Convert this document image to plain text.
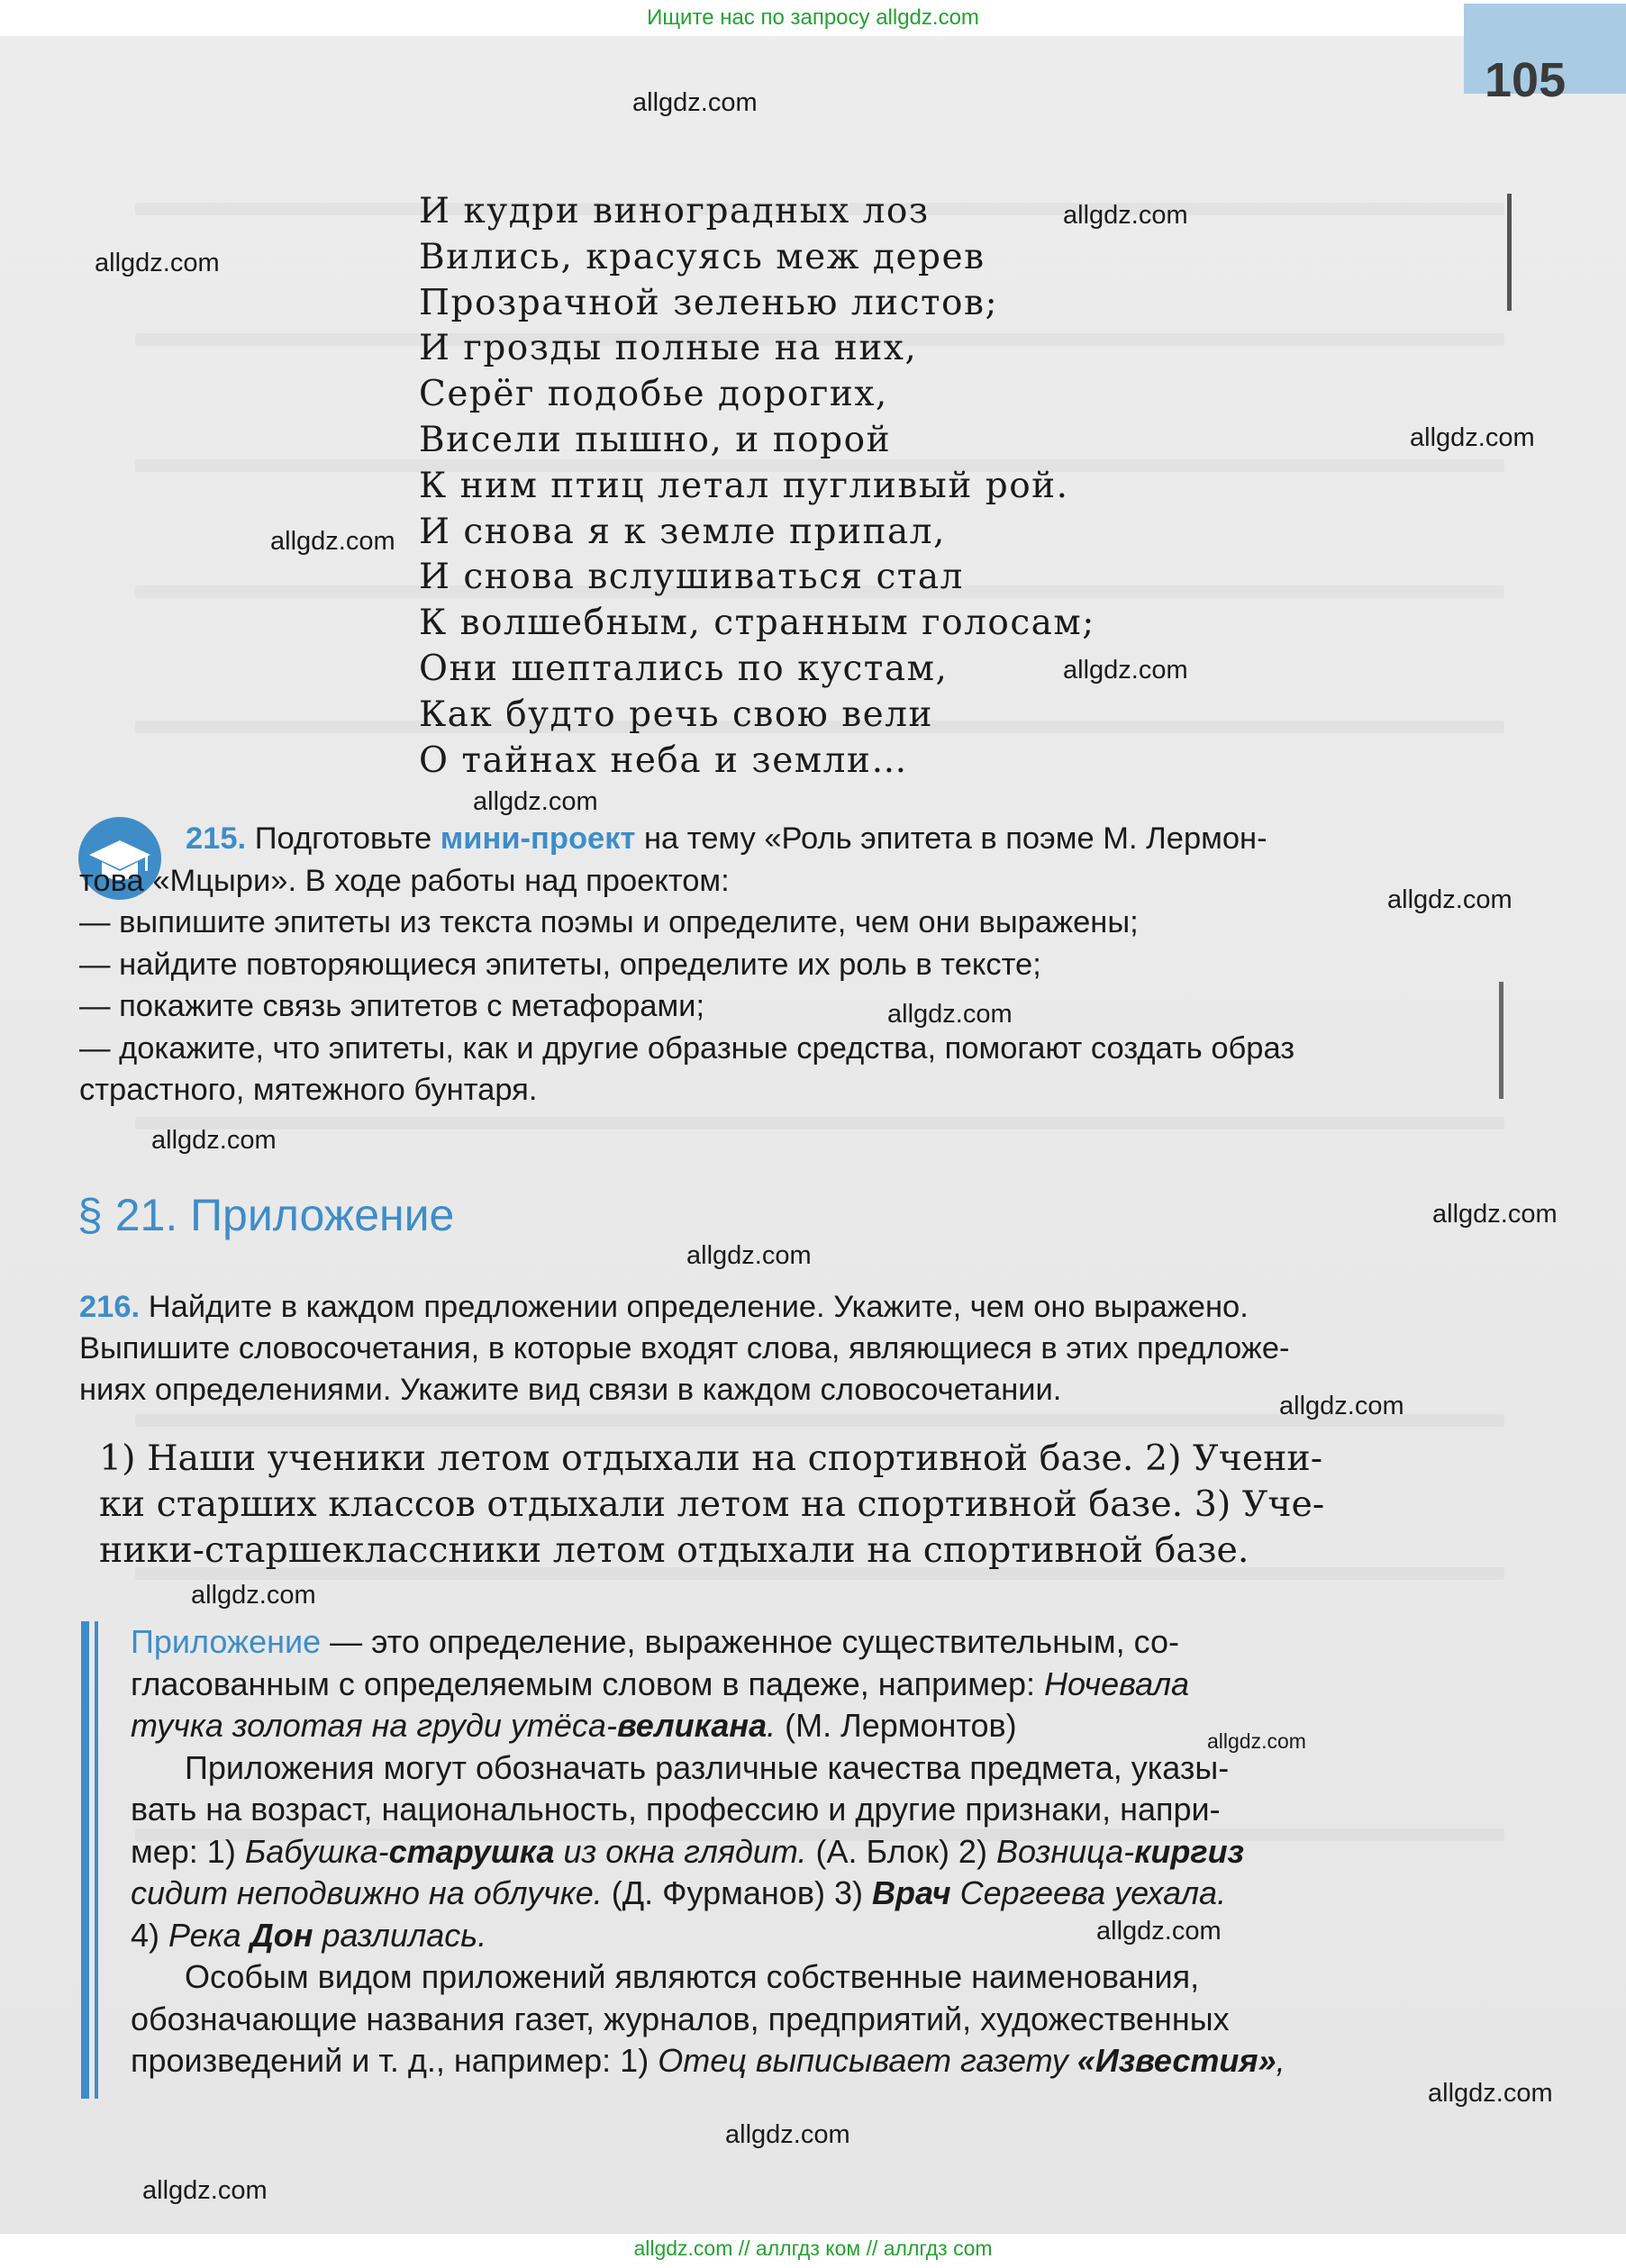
Ищите нас по запросу allgdz.com
105
И кудри виноградных лоз
Вились, красуясь меж дерев
Прозрачной зеленью листов;
И грозды полные на них,
Серёг подобье дорогих,
Висели пышно, и порой
К ним птиц летал пугливый рой.
И снова я к земле припал,
И снова вслушиваться стал
К волшебным, странным голосам;
Они шептались по кустам,
Как будто речь свою вели
О тайнах неба и земли…
215. Подготовьте мини-проект на тему «Роль эпитета в поэме М. Лермон-
това «Мцыри». В ходе работы над проектом:
— выпишите эпитеты из текста поэмы и определите, чем они выражены;
— найдите повторяющиеся эпитеты, определите их роль в тексте;
— покажите связь эпитетов с метафорами;
— докажите, что эпитеты, как и другие образные средства, помогают создать образ
страстного, мятежного бунтаря.
§ 21. Приложение
216. Найдите в каждом предложении определение. Укажите, чем оно выражено.
Выпишите словосочетания, в которые входят слова, являющиеся в этих предложе-
ниях определениями. Укажите вид связи в каждом словосочетании.
1) Наши ученики летом отдыхали на спортивной базе. 2) Учени-
ки старших классов отдыхали летом на спортивной базе. 3) Уче-
ники-старшеклассники летом отдыхали на спортивной базе.
Приложение — это определение, выраженное существительным, со-
гласованным с определяемым словом в падеже, например: Ночевала
тучка золотая на груди утёса-великана. (М. Лермонтов)
Приложения могут обозначать различные качества предмета, указы-
вать на возраст, национальность, профессию и другие признаки, напри-
мер: 1) Бабушка-старушка из окна глядит. (А. Блок) 2) Возница-киргиз
сидит неподвижно на облучке. (Д. Фурманов) 3) Врач Сергеева уехала.
4) Река Дон разлилась.
Особым видом приложений являются собственные наименования,
обозначающие названия газет, журналов, предприятий, художественных
произведений и т. д., например: 1) Отец выписывает газету «Известия»,
allgdz.com
allgdz.com
allgdz.com
allgdz.com
allgdz.com
allgdz.com
allgdz.com
allgdz.com
allgdz.com
allgdz.com
allgdz.com
allgdz.com
allgdz.com
allgdz.com
allgdz.com
allgdz.com
allgdz.com
allgdz.com
allgdz.com
allgdz.com // аллгдз ком // аллгдз com
